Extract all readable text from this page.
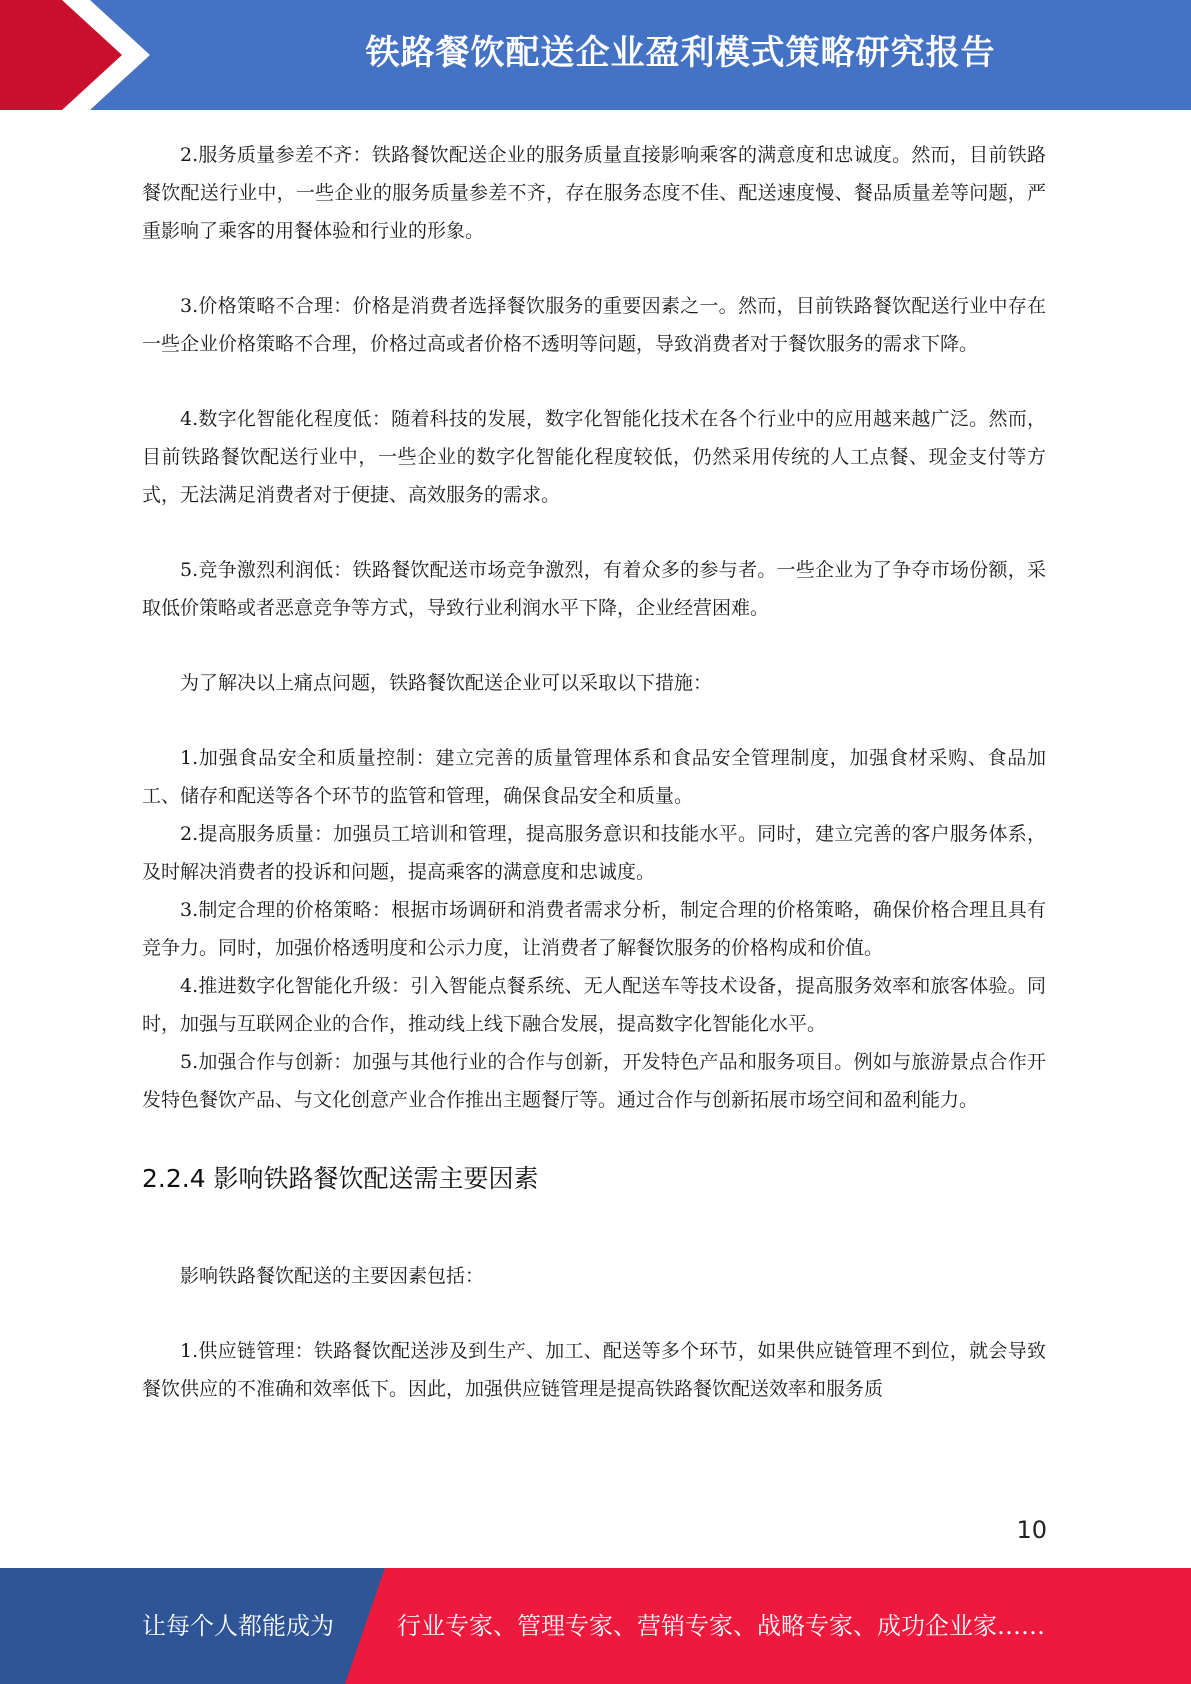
铁路餐饮配送企业盈利模式策略研究报告

2.服务质量参差不齐：铁路餐饮配送企业的服务质量直接影响乘客的满意度和忠诚度。然而，目前铁路餐饮配送行业中，一些企业的服务质量参差不齐，存在服务态度不佳、配送速度慢、餐品质量差等问题，严重影响了乘客的用餐体验和行业的形象。

3.价格策略不合理：价格是消费者选择餐饮服务的重要因素之一。然而，目前铁路餐饮配送行业中存在一些企业价格策略不合理，价格过高或者价格不透明等问题，导致消费者对于餐饮服务的需求下降。

4.数字化智能化程度低：随着科技的发展，数字化智能化技术在各个行业中的应用越来越广泛。然而，目前铁路餐饮配送行业中，一些企业的数字化智能化程度较低，仍然采用传统的人工点餐、现金支付等方式，无法满足消费者对于便捷、高效服务的需求。

5.竞争激烈利润低：铁路餐饮配送市场竞争激烈，有着众多的参与者。一些企业为了争夺市场份额，采取低价策略或者恶意竞争等方式，导致行业利润水平下降，企业经营困难。

为了解决以上痛点问题，铁路餐饮配送企业可以采取以下措施：

1.加强食品安全和质量控制：建立完善的质量管理体系和食品安全管理制度，加强食材采购、食品加工、储存和配送等各个环节的监管和管理，确保食品安全和质量。

2.提高服务质量：加强员工培训和管理，提高服务意识和技能水平。同时，建立完善的客户服务体系，及时解决消费者的投诉和问题，提高乘客的满意度和忠诚度。

3.制定合理的价格策略：根据市场调研和消费者需求分析，制定合理的价格策略，确保价格合理且具有竞争力。同时，加强价格透明度和公示力度，让消费者了解餐饮服务的价格构成和价值。

4.推进数字化智能化升级：引入智能点餐系统、无人配送车等技术设备，提高服务效率和旅客体验。同时，加强与互联网企业的合作，推动线上线下融合发展，提高数字化智能化水平。

5.加强合作与创新：加强与其他行业的合作与创新，开发特色产品和服务项目。例如与旅游景点合作开发特色餐饮产品、与文化创意产业合作推出主题餐厅等。通过合作与创新拓展市场空间和盈利能力。

2.2.4 影响铁路餐饮配送需主要因素

影响铁路餐饮配送的主要因素包括：

1.供应链管理：铁路餐饮配送涉及到生产、加工、配送等多个环节，如果供应链管理不到位，就会导致餐饮供应的不准确和效率低下。因此，加强供应链管理是提高铁路餐饮配送效率和服务质

10
让每个人都能成为	行业专家、管理专家、营销专家、战略专家、成功企业家……
